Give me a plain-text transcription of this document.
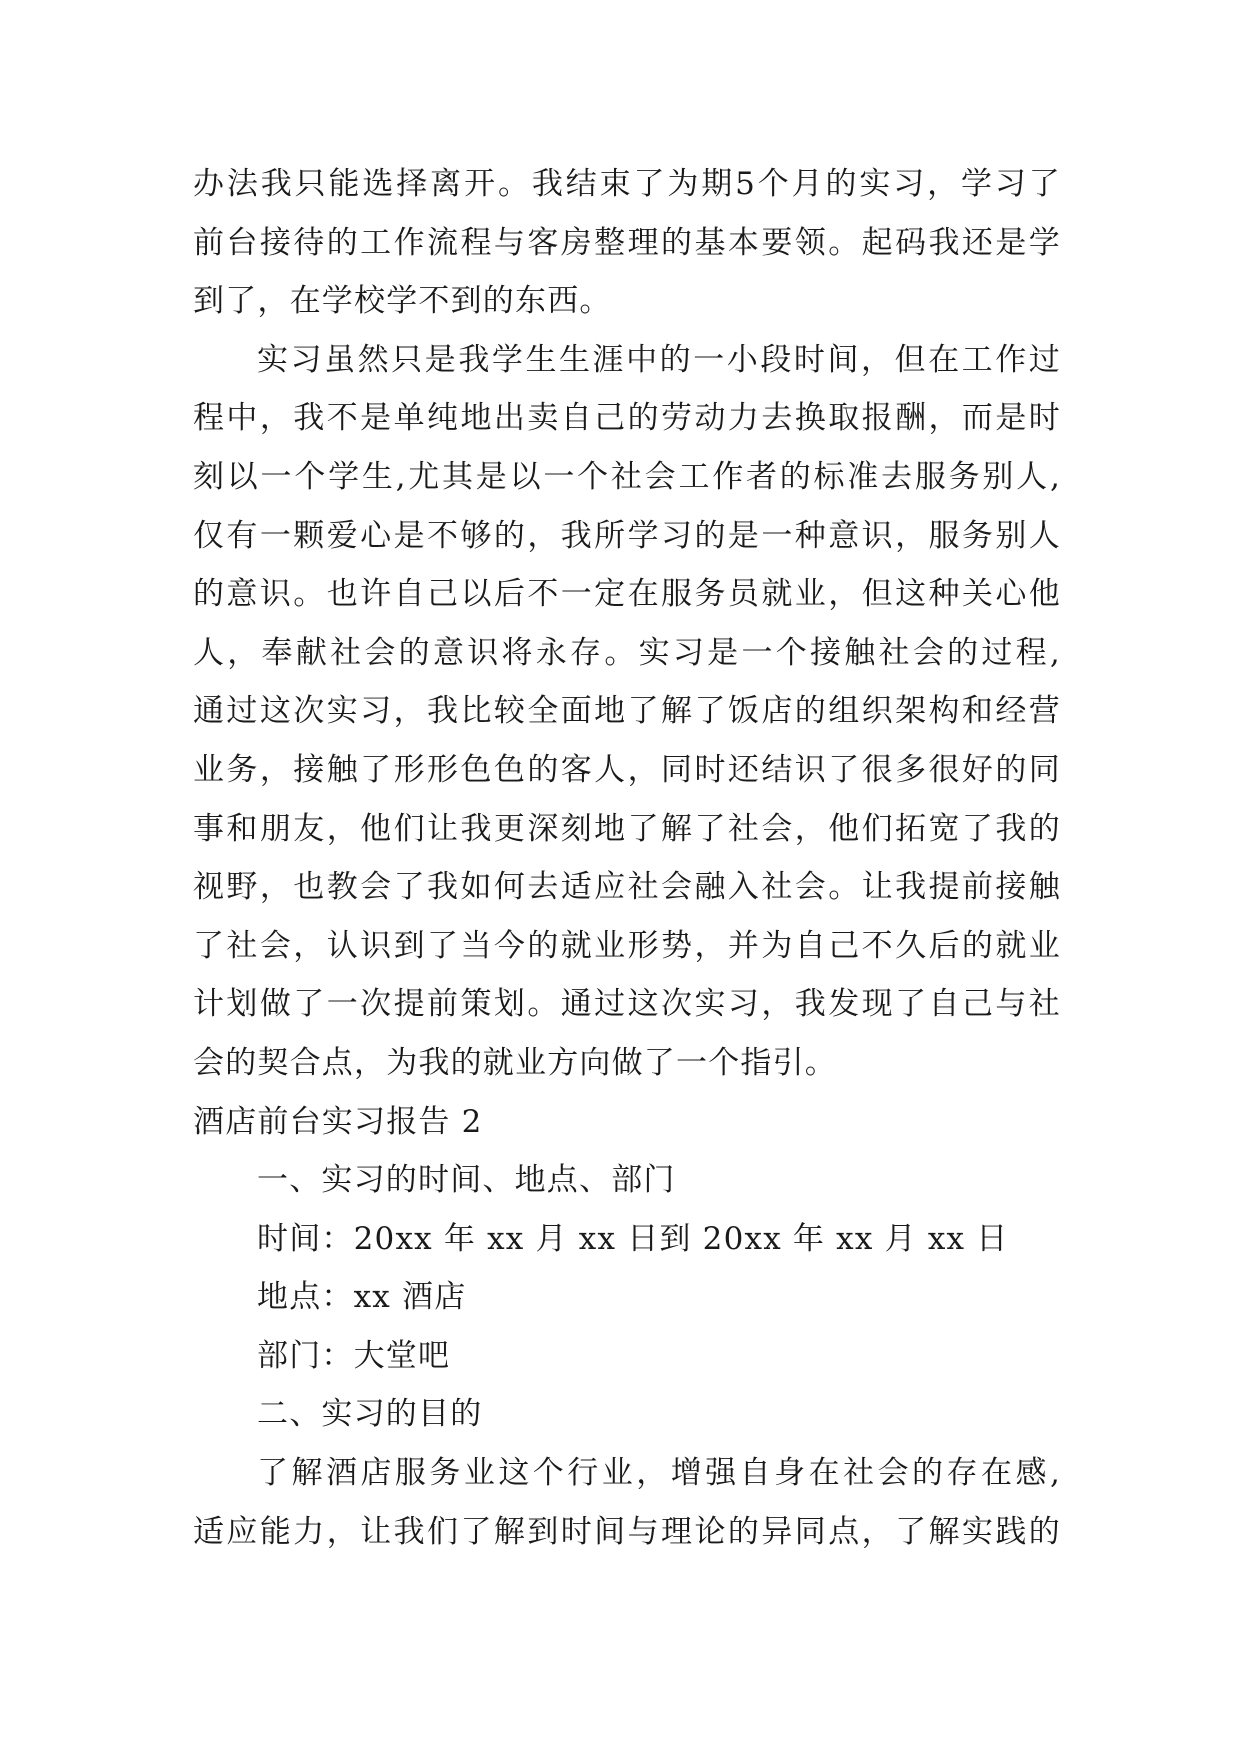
办法我只能选择离开。我结束了为期5个月的实习，学习了
前台接待的工作流程与客房整理的基本要领。起码我还是学
到了，在学校学不到的东西。
实习虽然只是我学生生涯中的一小段时间，但在工作过
程中，我不是单纯地出卖自己的劳动力去换取报酬，而是时
刻以一个学生,尤其是以一个社会工作者的标准去服务别人,
仅有一颗爱心是不够的，我所学习的是一种意识，服务别人
的意识。也许自己以后不一定在服务员就业，但这种关心他
人，奉献社会的意识将永存。实习是一个接触社会的过程,
通过这次实习，我比较全面地了解了饭店的组织架构和经营
业务，接触了形形色色的客人，同时还结识了很多很好的同
事和朋友，他们让我更深刻地了解了社会，他们拓宽了我的
视野，也教会了我如何去适应社会融入社会。让我提前接触
了社会，认识到了当今的就业形势，并为自己不久后的就业
计划做了一次提前策划。通过这次实习，我发现了自己与社
会的契合点，为我的就业方向做了一个指引。
酒店前台实习报告 2
一、实习的时间、地点、部门
时间：20xx 年 xx 月 xx 日到 20xx 年 xx 月 xx 日
地点：xx 酒店
部门：大堂吧
二、实习的目的
了解酒店服务业这个行业，增强自身在社会的存在感,
适应能力，让我们了解到时间与理论的异同点，了解实践的
